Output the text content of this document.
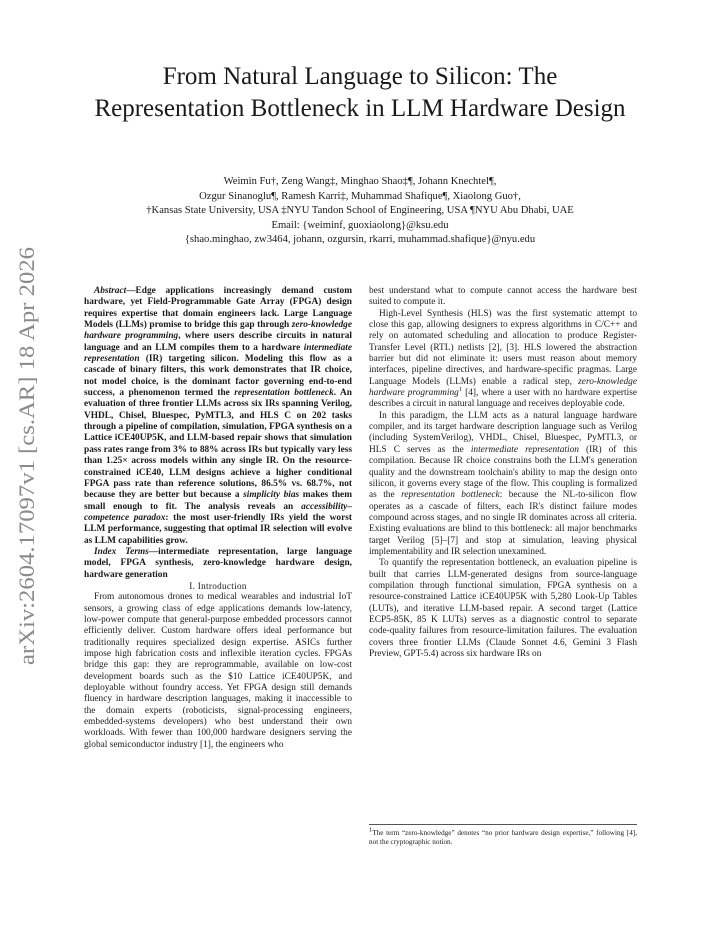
arXiv:2604.17097v1 [cs.AR] 18 Apr 2026
From Natural Language to Silicon: The Representation Bottleneck in LLM Hardware Design
Weimin Fu†, Zeng Wang‡, Minghao Shao‡¶, Johann Knechtel¶,
Ozgur Sinanoglu¶, Ramesh Karri‡, Muhammad Shafique¶, Xiaolong Guo†,
†Kansas State University, USA ‡NYU Tandon School of Engineering, USA ¶NYU Abu Dhabi, UAE
Email: {weiminf, guoxiaolong}@ksu.edu
{shao.minghao, zw3464, johann, ozgursin, rkarri, muhammad.shafique}@nyu.edu

Abstract—Edge applications increasingly demand custom hardware, yet Field-Programmable Gate Array (FPGA) design requires expertise that domain engineers lack. Large Language Models (LLMs) promise to bridge this gap through zero-knowledge hardware programming, where users describe circuits in natural language and an LLM compiles them to a hardware intermediate representation (IR) targeting silicon. Modeling this flow as a cascade of binary filters, this work demonstrates that IR choice, not model choice, is the dominant factor governing end-to-end success, a phenomenon termed the representation bottleneck. An evaluation of three frontier LLMs across six IRs spanning Verilog, VHDL, Chisel, Bluespec, PyMTL3, and HLS C on 202 tasks through a pipeline of compilation, simulation, FPGA synthesis on a Lattice iCE40UP5K, and LLM-based repair shows that simulation pass rates range from 3% to 88% across IRs but typically vary less than 1.25× across models within any single IR. On the resource-constrained iCE40, LLM designs achieve a higher conditional FPGA pass rate than reference solutions, 86.5% vs. 68.7%, not because they are better but because a simplicity bias makes them small enough to fit. The analysis reveals an accessibility–competence paradox: the most user-friendly IRs yield the worst LLM performance, suggesting that optimal IR selection will evolve as LLM capabilities grow.

Index Terms—intermediate representation, large language model, FPGA synthesis, zero-knowledge hardware design, hardware generation

I. Introduction

From autonomous drones to medical wearables and industrial IoT sensors, a growing class of edge applications demands low-latency, low-power compute that general-purpose embedded processors cannot efficiently deliver. Custom hardware offers ideal performance but traditionally requires specialized design expertise. ASICs further impose high fabrication costs and inflexible iteration cycles. FPGAs bridge this gap: they are reprogrammable, available on low-cost development boards such as the $10 Lattice iCE40UP5K, and deployable without foundry access. Yet FPGA design still demands fluency in hardware description languages, making it inaccessible to the domain experts (roboticists, signal-processing engineers, embedded-systems developers) who best understand their own workloads. With fewer than 100,000 hardware designers serving the global semiconductor industry [1], the engineers who

best understand what to compute cannot access the hardware best suited to compute it.

High-Level Synthesis (HLS) was the first systematic attempt to close this gap, allowing designers to express algorithms in C/C++ and rely on automated scheduling and allocation to produce Register-Transfer Level (RTL) netlists [2], [3]. HLS lowered the abstraction barrier but did not eliminate it: users must reason about memory interfaces, pipeline directives, and hardware-specific pragmas. Large Language Models (LLMs) enable a radical step, zero-knowledge hardware programming$^1$ [4], where a user with no hardware expertise describes a circuit in natural language and receives deployable code.

In this paradigm, the LLM acts as a natural language hardware compiler, and its target hardware description language such as Verilog (including SystemVerilog), VHDL, Chisel, Bluespec, PyMTL3, or HLS C serves as the intermediate representation (IR) of this compilation. Because IR choice constrains both the LLM's generation quality and the downstream toolchain's ability to map the design onto silicon, it governs every stage of the flow. This coupling is formalized as the representation bottleneck: because the NL-to-silicon flow operates as a cascade of filters, each IR's distinct failure modes compound across stages, and no single IR dominates across all criteria. Existing evaluations are blind to this bottleneck: all major benchmarks target Verilog [5]–[7] and stop at simulation, leaving physical implementability and IR selection unexamined.

To quantify the representation bottleneck, an evaluation pipeline is built that carries LLM-generated designs from source-language compilation through functional simulation, FPGA synthesis on a resource-constrained Lattice iCE40UP5K with 5,280 Look-Up Tables (LUTs), and iterative LLM-based repair. A second target (Lattice ECP5-85K, 85 K LUTs) serves as a diagnostic control to separate code-quality failures from resource-limitation failures. The evaluation covers three frontier LLMs (Claude Sonnet 4.6, Gemini 3 Flash Preview, GPT-5.4) across six hardware IRs on

$^1$The term “zero-knowledge” denotes “no prior hardware design expertise,” following [4], not the cryptographic notion.
